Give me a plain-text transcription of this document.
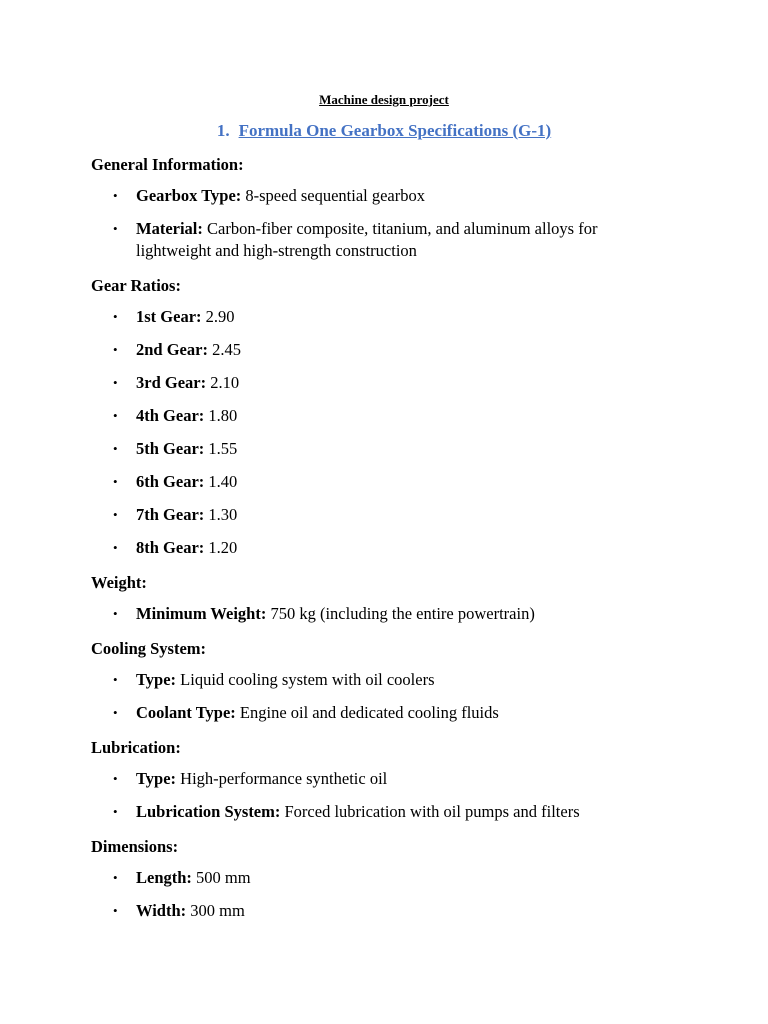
Machine design project
1. Formula One Gearbox Specifications (G-1)
General Information:
• Gearbox Type: 8-speed sequential gearbox
• Material: Carbon-fiber composite, titanium, and aluminum alloys for lightweight and high-strength construction
Gear Ratios:
• 1st Gear: 2.90
• 2nd Gear: 2.45
• 3rd Gear: 2.10
• 4th Gear: 1.80
• 5th Gear: 1.55
• 6th Gear: 1.40
• 7th Gear: 1.30
• 8th Gear: 1.20
Weight:
• Minimum Weight: 750 kg (including the entire powertrain)
Cooling System:
• Type: Liquid cooling system with oil coolers
• Coolant Type: Engine oil and dedicated cooling fluids
Lubrication:
• Type: High-performance synthetic oil
• Lubrication System: Forced lubrication with oil pumps and filters
Dimensions:
• Length: 500 mm
• Width: 300 mm
